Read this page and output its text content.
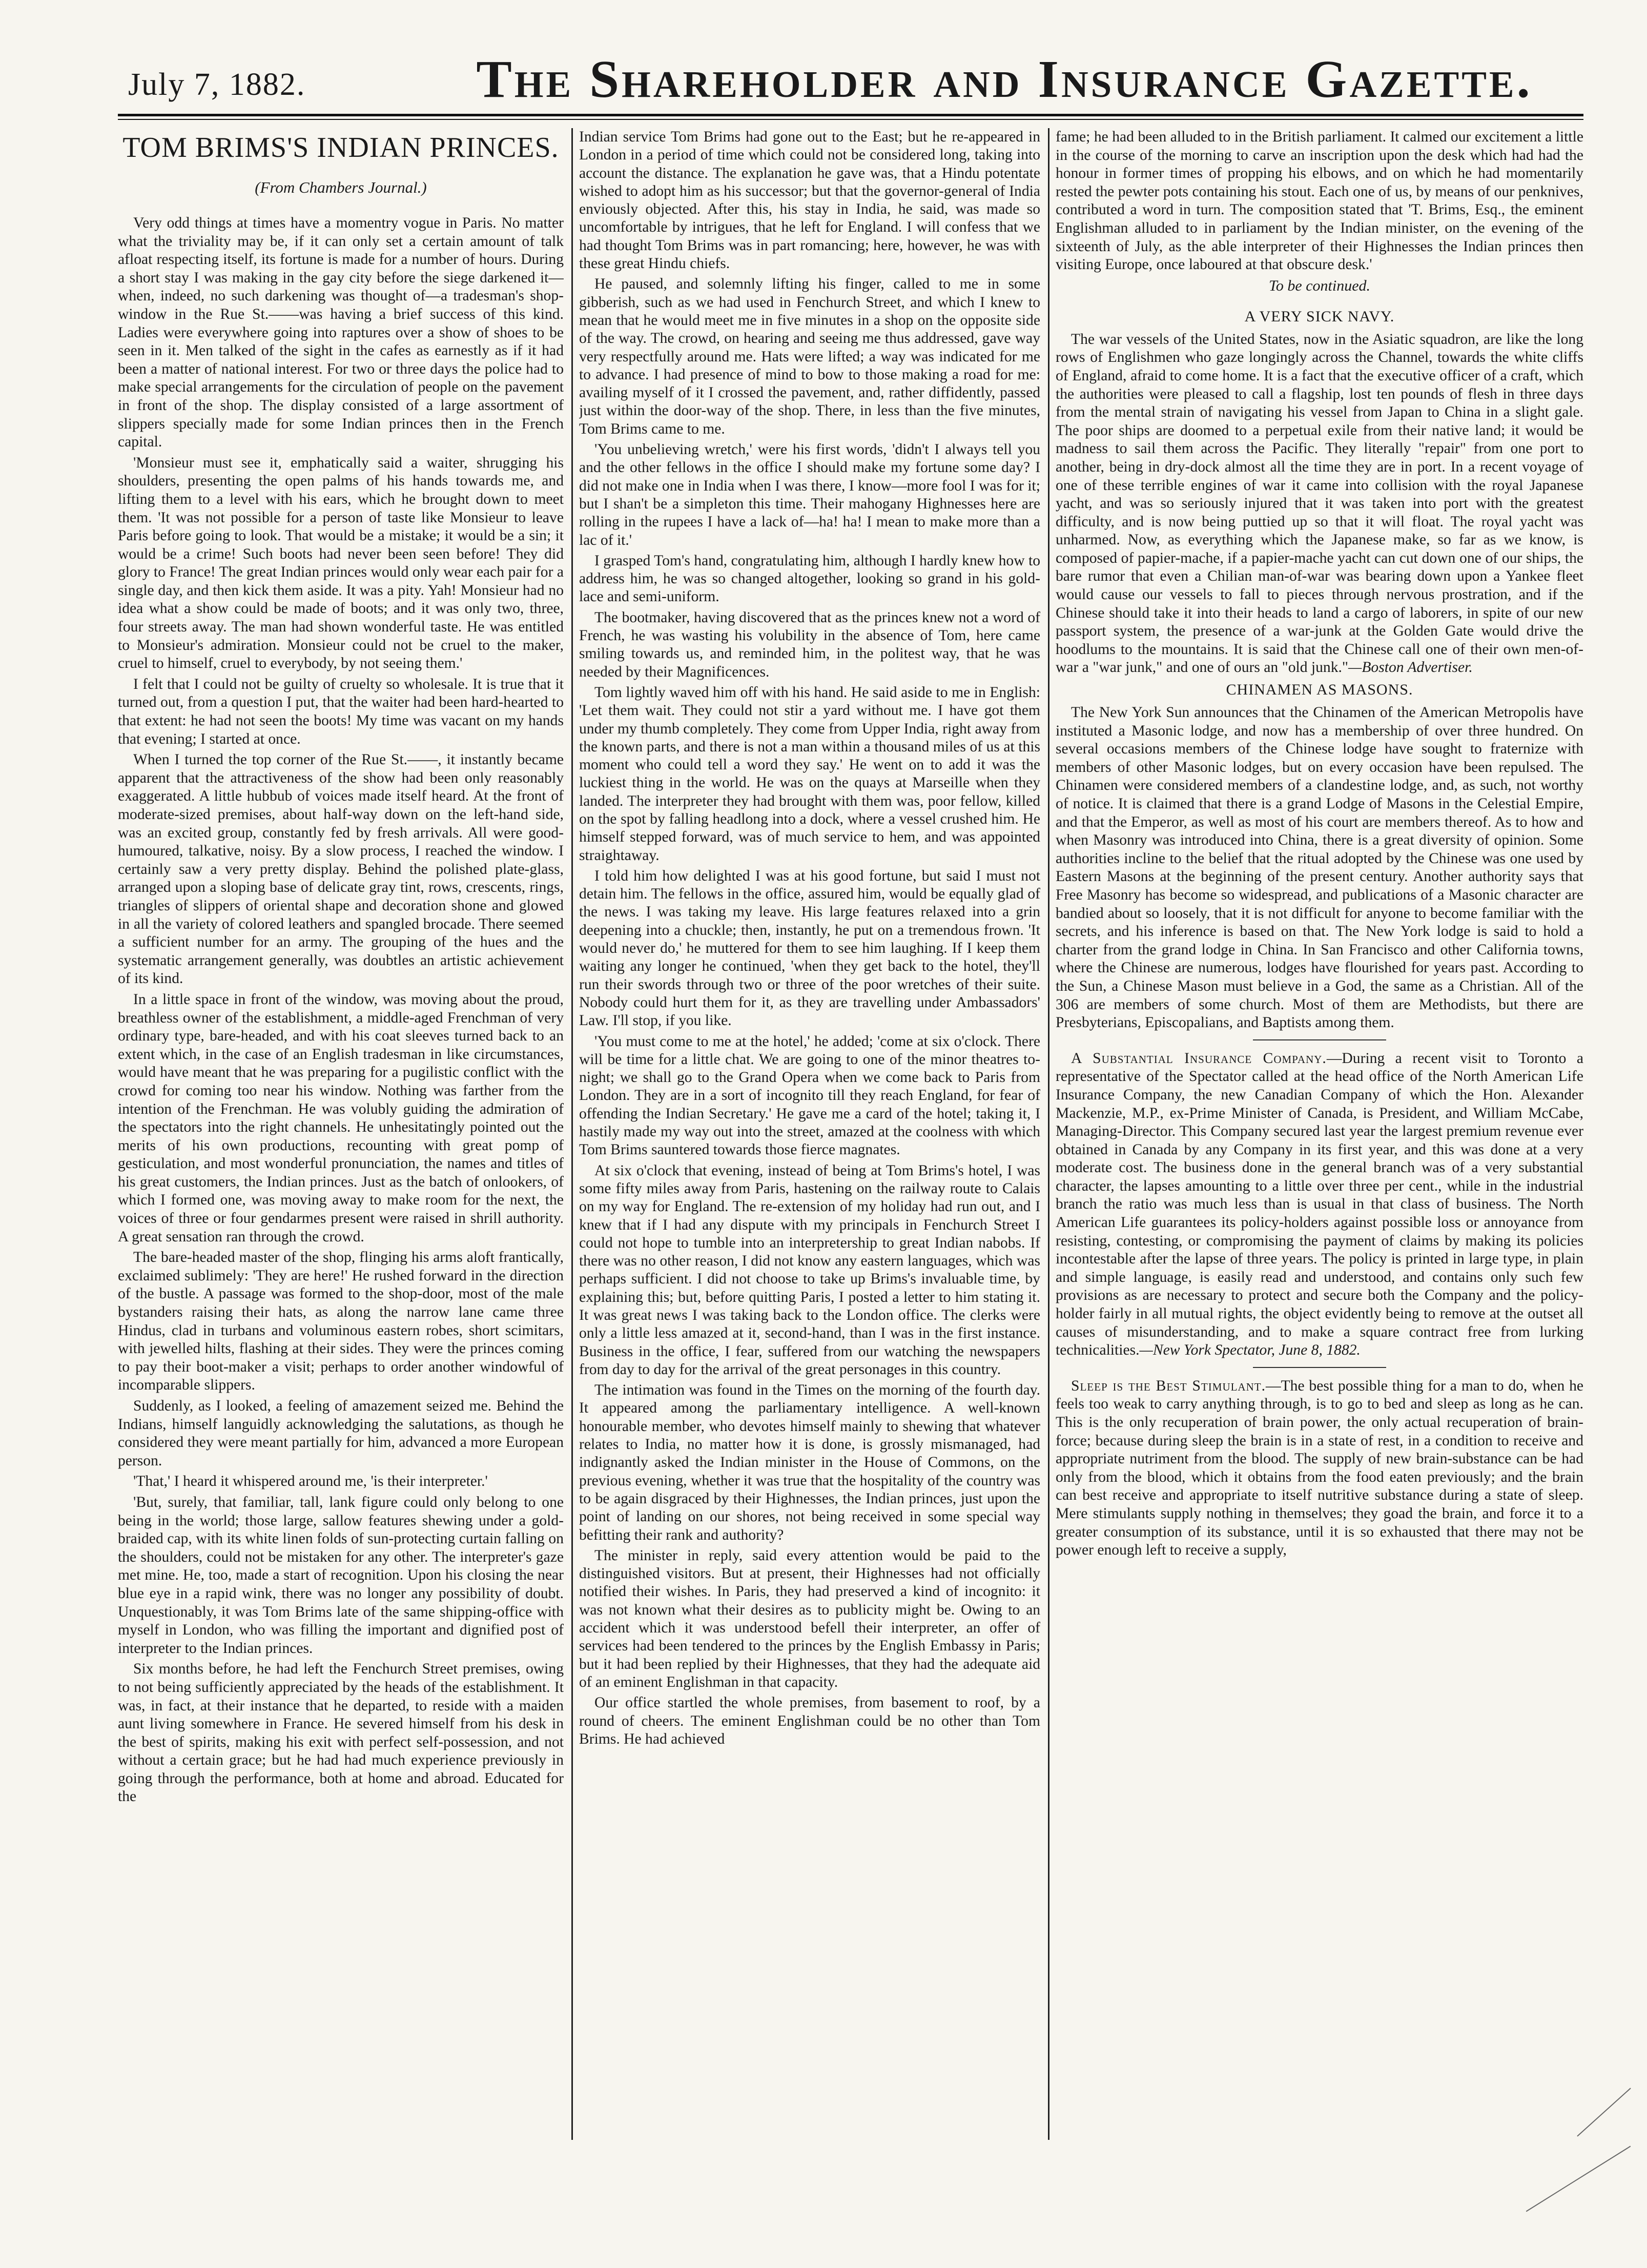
July 7, 1882.	The Shareholder and Insurance Gazette.
TOM BRIMS'S INDIAN PRINCES.
(From Chambers Journal.)

Very odd things at times have a momentry vogue in Paris. No matter what the triviality may be, if it can only set a certain amount of talk afloat respecting itself, its fortune is made for a number of hours. During a short stay I was making in the gay city before the siege darkened it—when, indeed, no such darkening was thought of—a tradesman's shop-window in the Rue St.——was having a brief success of this kind. Ladies were everywhere going into raptures over a show of shoes to be seen in it. Men talked of the sight in the cafes as earnestly as if it had been a matter of national interest. For two or three days the police had to make special arrangements for the circulation of people on the pavement in front of the shop. The display consisted of a large assortment of slippers specially made for some Indian princes then in the French capital.

'Monsieur must see it, emphatically said a waiter, shrugging his shoulders, presenting the open palms of his hands towards me, and lifting them to a level with his ears, which he brought down to meet them. 'It was not possible for a person of taste like Monsieur to leave Paris before going to look. That would be a mistake; it would be a sin; it would be a crime! Such boots had never been seen before! They did glory to France! The great Indian princes would only wear each pair for a single day, and then kick them aside. It was a pity. Yah! Monsieur had no idea what a show could be made of boots; and it was only two, three, four streets away. The man had shown wonderful taste. He was entitled to Monsieur's admiration. Monsieur could not be cruel to the maker, cruel to himself, cruel to everybody, by not seeing them.'

I felt that I could not be guilty of cruelty so wholesale. It is true that it turned out, from a question I put, that the waiter had been hard-hearted to that extent: he had not seen the boots! My time was vacant on my hands that evening; I started at once.

When I turned the top corner of the Rue St.——, it instantly became apparent that the attractiveness of the show had been only reasonably exaggerated. A little hubbub of voices made itself heard. At the front of moderate-sized premises, about half-way down on the left-hand side, was an excited group, constantly fed by fresh arrivals. All were good-humoured, talkative, noisy. By a slow process, I reached the window. I certainly saw a very pretty display. Behind the polished plate-glass, arranged upon a sloping base of delicate gray tint, rows, crescents, rings, triangles of slippers of oriental shape and decoration shone and glowed in all the variety of colored leathers and spangled brocade. There seemed a sufficient number for an army. The grouping of the hues and the systematic arrangement generally, was doubtles an artistic achievement of its kind.

In a little space in front of the window, was moving about the proud, breathless owner of the establishment, a middle-aged Frenchman of very ordinary type, bare-headed, and with his coat sleeves turned back to an extent which, in the case of an English tradesman in like circumstances, would have meant that he was preparing for a pugilistic conflict with the crowd for coming too near his window. Nothing was farther from the intention of the Frenchman. He was volubly guiding the admiration of the spectators into the right channels. He unhesitatingly pointed out the merits of his own productions, recounting with great pomp of gesticulation, and most wonderful pronunciation, the names and titles of his great customers, the Indian princes. Just as the batch of onlookers, of which I formed one, was moving away to make room for the next, the voices of three or four gendarmes present were raised in shrill authority. A great sensation ran through the crowd.

The bare-headed master of the shop, flinging his arms aloft frantically, exclaimed sublimely: 'They are here!' He rushed forward in the direction of the bustle. A passage was formed to the shop-door, most of the male bystanders raising their hats, as along the narrow lane came three Hindus, clad in turbans and voluminous eastern robes, short scimitars, with jewelled hilts, flashing at their sides. They were the princes coming to pay their boot-maker a visit; perhaps to order another windowful of incomparable slippers.

Suddenly, as I looked, a feeling of amazement seized me. Behind the Indians, himself languidly acknowledging the salutations, as though he considered they were meant partially for him, advanced a more European person.

'That,' I heard it whispered around me, 'is their interpreter.'

'But, surely, that familiar, tall, lank figure could only belong to one being in the world; those large, sallow features shewing under a gold-braided cap, with its white linen folds of sun-protecting curtain falling on the shoulders, could not be mistaken for any other. The interpreter's gaze met mine. He, too, made a start of recognition. Upon his closing the near blue eye in a rapid wink, there was no longer any possibility of doubt. Unquestionably, it was Tom Brims late of the same shipping-office with myself in London, who was filling the important and dignified post of interpreter to the Indian princes.

Six months before, he had left the Fenchurch Street premises, owing to not being sufficiently appreciated by the heads of the establishment. It was, in fact, at their instance that he departed, to reside with a maiden aunt living somewhere in France. He severed himself from his desk in the best of spirits, making his exit with perfect self-possession, and not without a certain grace; but he had had much experience previously in going through the performance, both at home and abroad. Educated for the

Indian service Tom Brims had gone out to the East; but he re-appeared in London in a period of time which could not be considered long, taking into account the distance. The explanation he gave was, that a Hindu potentate wished to adopt him as his successor; but that the governor-general of India enviously objected. After this, his stay in India, he said, was made so uncomfortable by intrigues, that he left for England. I will confess that we had thought Tom Brims was in part romancing; here, however, he was with these great Hindu chiefs.

He paused, and solemnly lifting his finger, called to me in some gibberish, such as we had used in Fenchurch Street, and which I knew to mean that he would meet me in five minutes in a shop on the opposite side of the way. The crowd, on hearing and seeing me thus addressed, gave way very respectfully around me. Hats were lifted; a way was indicated for me to advance. I had presence of mind to bow to those making a road for me: availing myself of it I crossed the pavement, and, rather diffidently, passed just within the door-way of the shop. There, in less than the five minutes, Tom Brims came to me.

'You unbelieving wretch,' were his first words, 'didn't I always tell you and the other fellows in the office I should make my fortune some day? I did not make one in India when I was there, I know—more fool I was for it; but I shan't be a simpleton this time. Their mahogany Highnesses here are rolling in the rupees I have a lack of—ha! ha! I mean to make more than a lac of it.'

I grasped Tom's hand, congratulating him, although I hardly knew how to address him, he was so changed altogether, looking so grand in his gold-lace and semi-uniform.

The bootmaker, having discovered that as the princes knew not a word of French, he was wasting his volubility in the absence of Tom, here came smiling towards us, and reminded him, in the politest way, that he was needed by their Magnificences.

Tom lightly waved him off with his hand. He said aside to me in English: 'Let them wait. They could not stir a yard without me. I have got them under my thumb completely. They come from Upper India, right away from the known parts, and there is not a man within a thousand miles of us at this moment who could tell a word they say.' He went on to add it was the luckiest thing in the world. He was on the quays at Marseille when they landed. The interpreter they had brought with them was, poor fellow, killed on the spot by falling headlong into a dock, where a vessel crushed him. He himself stepped forward, was of much service to hem, and was appointed straightaway.

I told him how delighted I was at his good fortune, but said I must not detain him. The fellows in the office, assured him, would be equally glad of the news. I was taking my leave. His large features relaxed into a grin deepening into a chuckle; then, instantly, he put on a tremendous frown. 'It would never do,' he muttered for them to see him laughing. If I keep them waiting any longer he continued, 'when they get back to the hotel, they'll run their swords through two or three of the poor wretches of their suite. Nobody could hurt them for it, as they are travelling under Ambassadors' Law. I'll stop, if you like.

'You must come to me at the hotel,' he added; 'come at six o'clock. There will be time for a little chat. We are going to one of the minor theatres to-night; we shall go to the Grand Opera when we come back to Paris from London. They are in a sort of incognito till they reach England, for fear of offending the Indian Secretary.' He gave me a card of the hotel; taking it, I hastily made my way out into the street, amazed at the coolness with which Tom Brims sauntered towards those fierce magnates.

At six o'clock that evening, instead of being at Tom Brims's hotel, I was some fifty miles away from Paris, hastening on the railway route to Calais on my way for England. The re-extension of my holiday had run out, and I knew that if I had any dispute with my principals in Fenchurch Street I could not hope to tumble into an interpretership to great Indian nabobs. If there was no other reason, I did not know any eastern languages, which was perhaps sufficient. I did not choose to take up Brims's invaluable time, by explaining this; but, before quitting Paris, I posted a letter to him stating it. It was great news I was taking back to the London office. The clerks were only a little less amazed at it, second-hand, than I was in the first instance. Business in the office, I fear, suffered from our watching the newspapers from day to day for the arrival of the great personages in this country.

The intimation was found in the Times on the morning of the fourth day. It appeared among the parliamentary intelligence. A well-known honourable member, who devotes himself mainly to shewing that whatever relates to India, no matter how it is done, is grossly mismanaged, had indignantly asked the Indian minister in the House of Commons, on the previous evening, whether it was true that the hospitality of the country was to be again disgraced by their Highnesses, the Indian princes, just upon the point of landing on our shores, not being received in some special way befitting their rank and authority?

The minister in reply, said every attention would be paid to the distinguished visitors. But at present, their Highnesses had not officially notified their wishes. In Paris, they had preserved a kind of incognito: it was not known what their desires as to publicity might be. Owing to an accident which it was understood befell their interpreter, an offer of services had been tendered to the princes by the English Embassy in Paris; but it had been replied by their Highnesses, that they had the adequate aid of an eminent Englishman in that capacity.

Our office startled the whole premises, from basement to roof, by a round of cheers. The eminent Englishman could be no other than Tom Brims. He had achieved

fame; he had been alluded to in the British parliament. It calmed our excitement a little in the course of the morning to carve an inscription upon the desk which had had the honour in former times of propping his elbows, and on which he had momentarily rested the pewter pots containing his stout. Each one of us, by means of our penknives, contributed a word in turn. The composition stated that 'T. Brims, Esq., the eminent Englishman alluded to in parliament by the Indian minister, on the evening of the sixteenth of July, as the able interpreter of their Highnesses the Indian princes then visiting Europe, once laboured at that obscure desk.'

To be continued.
A VERY SICK NAVY.

The war vessels of the United States, now in the Asiatic squadron, are like the long rows of Englishmen who gaze longingly across the Channel, towards the white cliffs of England, afraid to come home. It is a fact that the executive officer of a craft, which the authorities were pleased to call a flagship, lost ten pounds of flesh in three days from the mental strain of navigating his vessel from Japan to China in a slight gale. The poor ships are doomed to a perpetual exile from their native land; it would be madness to sail them across the Pacific. They literally "repair" from one port to another, being in dry-dock almost all the time they are in port. In a recent voyage of one of these terrible engines of war it came into collision with the royal Japanese yacht, and was so seriously injured that it was taken into port with the greatest difficulty, and is now being puttied up so that it will float. The royal yacht was unharmed. Now, as everything which the Japanese make, so far as we know, is composed of papier-mache, if a papier-mache yacht can cut down one of our ships, the bare rumor that even a Chilian man-of-war was bearing down upon a Yankee fleet would cause our vessels to fall to pieces through nervous prostration, and if the Chinese should take it into their heads to land a cargo of laborers, in spite of our new passport system, the presence of a war-junk at the Golden Gate would drive the hoodlums to the mountains. It is said that the Chinese call one of their own men-of-war a "war junk," and one of ours an "old junk."—Boston Advertiser.

CHINAMEN AS MASONS.

The New York Sun announces that the Chinamen of the American Metropolis have instituted a Masonic lodge, and now has a membership of over three hundred. On several occasions members of the Chinese lodge have sought to fraternize with members of other Masonic lodges, but on every occasion have been repulsed. The Chinamen were considered members of a clandestine lodge, and, as such, not worthy of notice. It is claimed that there is a grand Lodge of Masons in the Celestial Empire, and that the Emperor, as well as most of his court are members thereof. As to how and when Masonry was introduced into China, there is a great diversity of opinion. Some authorities incline to the belief that the ritual adopted by the Chinese was one used by Eastern Masons at the beginning of the present century. Another authority says that Free Masonry has become so widespread, and publications of a Masonic character are bandied about so loosely, that it is not difficult for anyone to become familiar with the secrets, and his inference is based on that. The New York lodge is said to hold a charter from the grand lodge in China. In San Francisco and other California towns, where the Chinese are numerous, lodges have flourished for years past. According to the Sun, a Chinese Mason must believe in a God, the same as a Christian. All of the 306 are members of some church. Most of them are Methodists, but there are Presbyterians, Episcopalians, and Baptists among them.

A Substantial Insurance Company.—During a recent visit to Toronto a representative of the Spectator called at the head office of the North American Life Insurance Company, the new Canadian Company of which the Hon. Alexander Mackenzie, M.P., ex-Prime Minister of Canada, is President, and William McCabe, Managing-Director. This Company secured last year the largest premium revenue ever obtained in Canada by any Company in its first year, and this was done at a very moderate cost. The business done in the general branch was of a very substantial character, the lapses amounting to a little over three per cent., while in the industrial branch the ratio was much less than is usual in that class of business. The North American Life guarantees its policy-holders against possible loss or annoyance from resisting, contesting, or compromising the payment of claims by making its policies incontestable after the lapse of three years. The policy is printed in large type, in plain and simple language, is easily read and understood, and contains only such few provisions as are necessary to protect and secure both the Company and the policy-holder fairly in all mutual rights, the object evidently being to remove at the outset all causes of misunderstanding, and to make a square contract free from lurking technicalities.—New York Spectator, June 8, 1882.

Sleep is the Best Stimulant.—The best possible thing for a man to do, when he feels too weak to carry anything through, is to go to bed and sleep as long as he can. This is the only recuperation of brain power, the only actual recuperation of brain-force; because during sleep the brain is in a state of rest, in a condition to receive and appropriate nutriment from the blood. The supply of new brain-substance can be had only from the blood, which it obtains from the food eaten previously; and the brain can best receive and appropriate to itself nutritive substance during a state of sleep. Mere stimulants supply nothing in themselves; they goad the brain, and force it to a greater consumption of its substance, until it is so exhausted that there may not be power enough left to receive a supply,
